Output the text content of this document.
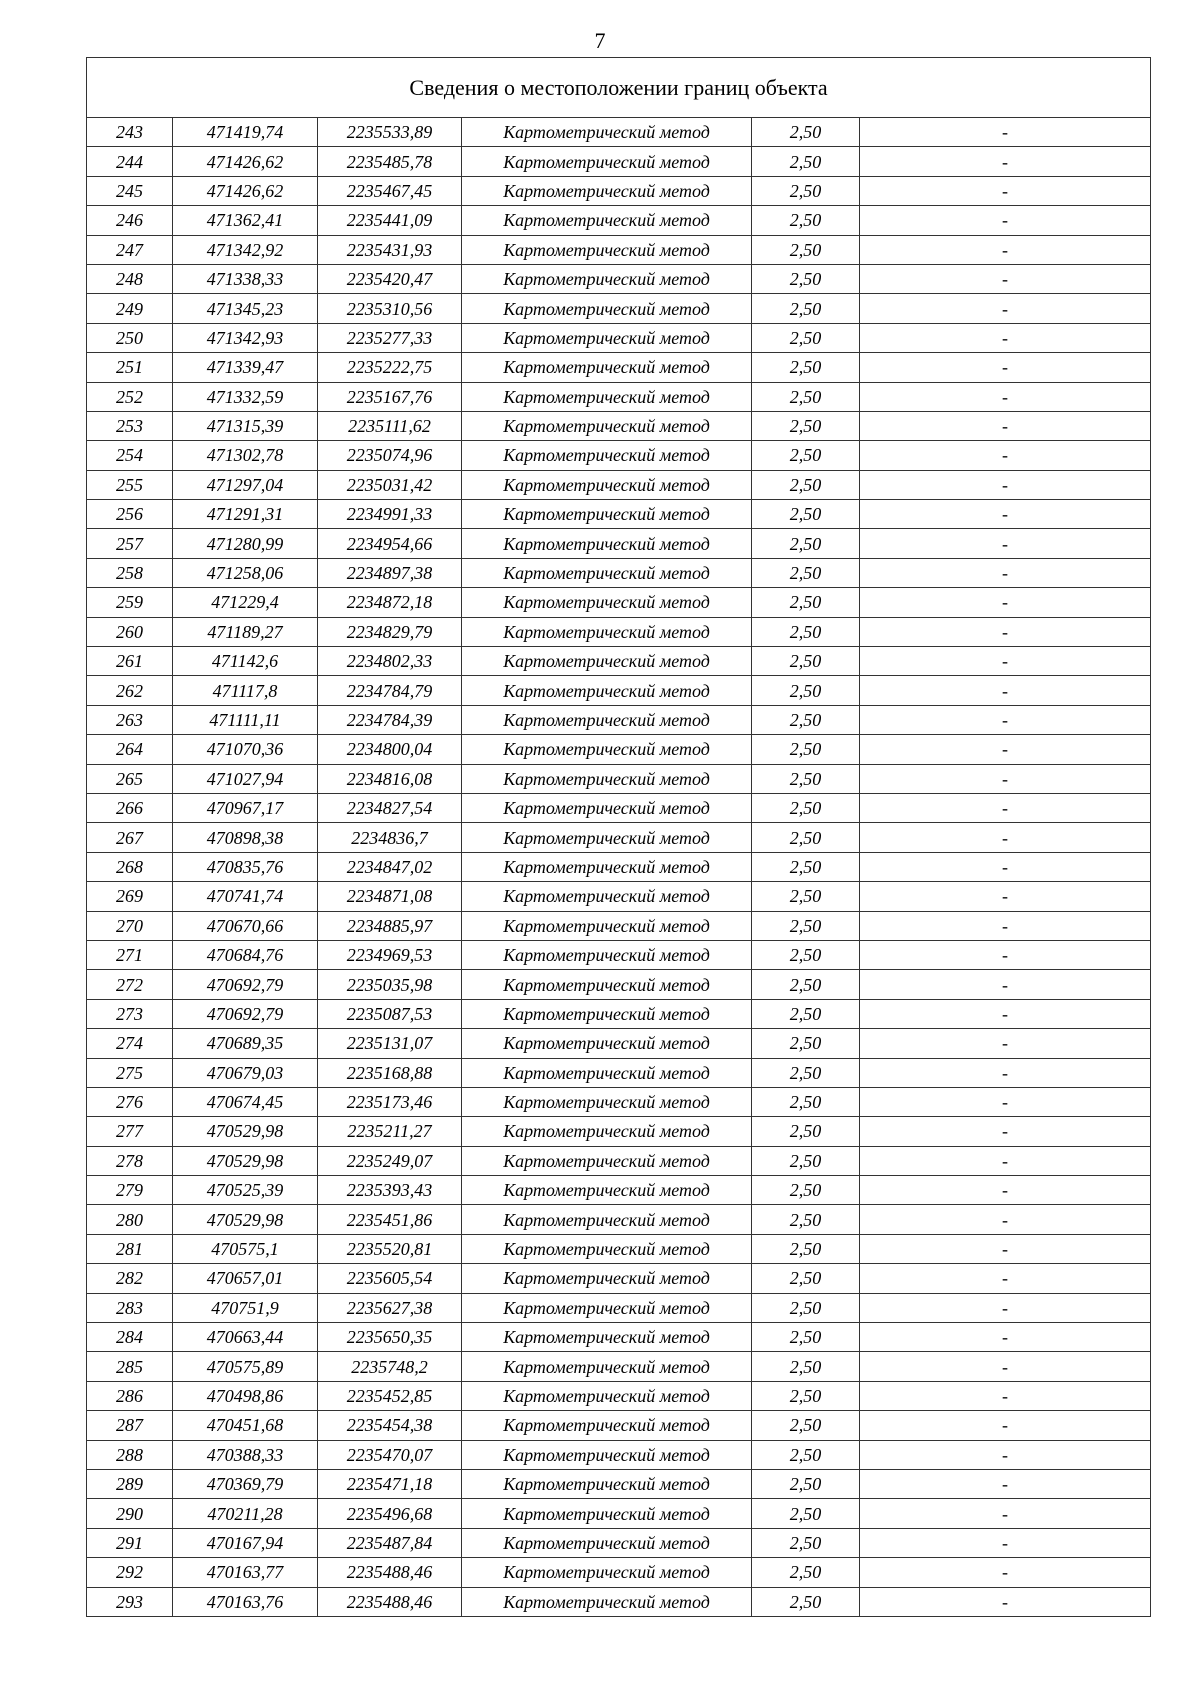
7
Сведения о местоположении границ объекта					
243	471419,74	2235533,89	Картометрический метод	2,50	-
244	471426,62	2235485,78	Картометрический метод	2,50	-
245	471426,62	2235467,45	Картометрический метод	2,50	-
246	471362,41	2235441,09	Картометрический метод	2,50	-
247	471342,92	2235431,93	Картометрический метод	2,50	-
248	471338,33	2235420,47	Картометрический метод	2,50	-
249	471345,23	2235310,56	Картометрический метод	2,50	-
250	471342,93	2235277,33	Картометрический метод	2,50	-
251	471339,47	2235222,75	Картометрический метод	2,50	-
252	471332,59	2235167,76	Картометрический метод	2,50	-
253	471315,39	2235111,62	Картометрический метод	2,50	-
254	471302,78	2235074,96	Картометрический метод	2,50	-
255	471297,04	2235031,42	Картометрический метод	2,50	-
256	471291,31	2234991,33	Картометрический метод	2,50	-
257	471280,99	2234954,66	Картометрический метод	2,50	-
258	471258,06	2234897,38	Картометрический метод	2,50	-
259	471229,4	2234872,18	Картометрический метод	2,50	-
260	471189,27	2234829,79	Картометрический метод	2,50	-
261	471142,6	2234802,33	Картометрический метод	2,50	-
262	471117,8	2234784,79	Картометрический метод	2,50	-
263	471111,11	2234784,39	Картометрический метод	2,50	-
264	471070,36	2234800,04	Картометрический метод	2,50	-
265	471027,94	2234816,08	Картометрический метод	2,50	-
266	470967,17	2234827,54	Картометрический метод	2,50	-
267	470898,38	2234836,7	Картометрический метод	2,50	-
268	470835,76	2234847,02	Картометрический метод	2,50	-
269	470741,74	2234871,08	Картометрический метод	2,50	-
270	470670,66	2234885,97	Картометрический метод	2,50	-
271	470684,76	2234969,53	Картометрический метод	2,50	-
272	470692,79	2235035,98	Картометрический метод	2,50	-
273	470692,79	2235087,53	Картометрический метод	2,50	-
274	470689,35	2235131,07	Картометрический метод	2,50	-
275	470679,03	2235168,88	Картометрический метод	2,50	-
276	470674,45	2235173,46	Картометрический метод	2,50	-
277	470529,98	2235211,27	Картометрический метод	2,50	-
278	470529,98	2235249,07	Картометрический метод	2,50	-
279	470525,39	2235393,43	Картометрический метод	2,50	-
280	470529,98	2235451,86	Картометрический метод	2,50	-
281	470575,1	2235520,81	Картометрический метод	2,50	-
282	470657,01	2235605,54	Картометрический метод	2,50	-
283	470751,9	2235627,38	Картометрический метод	2,50	-
284	470663,44	2235650,35	Картометрический метод	2,50	-
285	470575,89	2235748,2	Картометрический метод	2,50	-
286	470498,86	2235452,85	Картометрический метод	2,50	-
287	470451,68	2235454,38	Картометрический метод	2,50	-
288	470388,33	2235470,07	Картометрический метод	2,50	-
289	470369,79	2235471,18	Картометрический метод	2,50	-
290	470211,28	2235496,68	Картометрический метод	2,50	-
291	470167,94	2235487,84	Картометрический метод	2,50	-
292	470163,77	2235488,46	Картометрический метод	2,50	-
293	470163,76	2235488,46	Картометрический метод	2,50	-
